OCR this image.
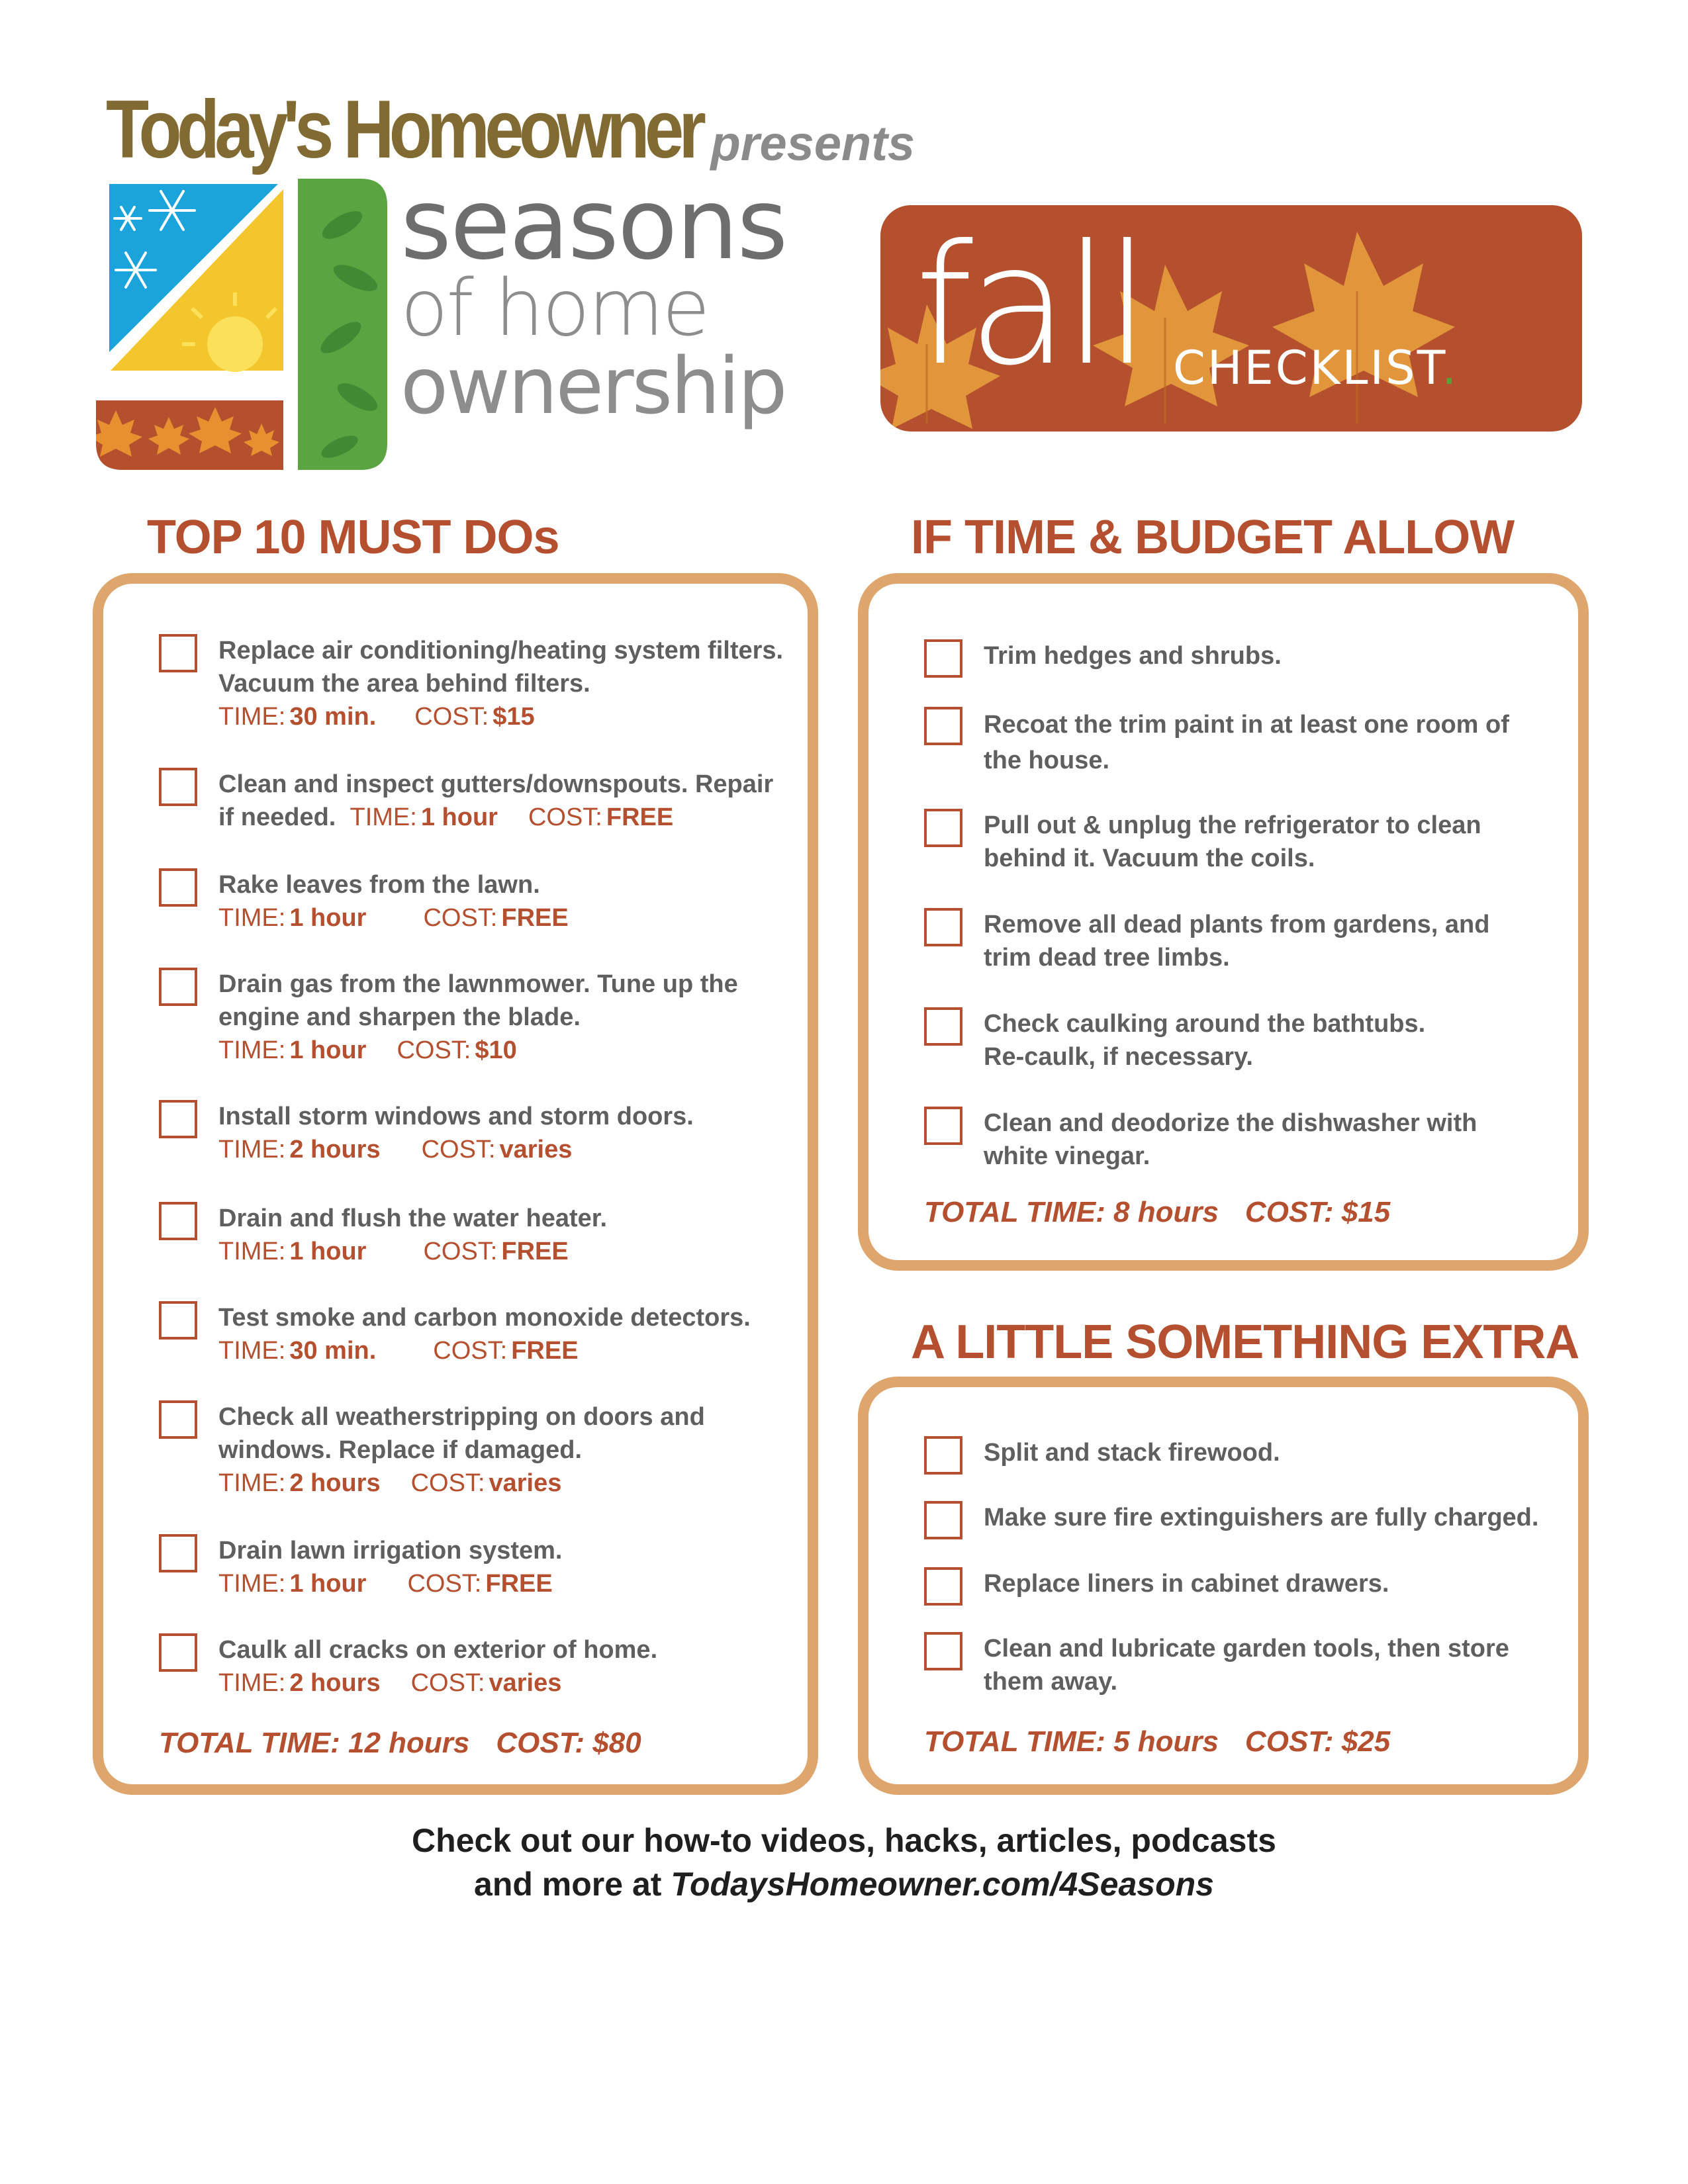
Today's Homeowner presents
seasons
of home
ownership fall CHECKLIST.
TOP 10 MUST DOs	IF TIME & BUDGET ALLOW
A LITTLE SOMETHING EXTRA
Replace air conditioning/heating system filters.
Vacuum the area behind filters.
TIME: 30 min. COST: $15
Clean and inspect gutters/downspouts. Repair
if needed. TIME: 1 hour COST: FREE
Rake leaves from the lawn.
TIME: 1 hour COST: FREE
Drain gas from the lawnmower. Tune up the
engine and sharpen the blade.
TIME: 1 hour COST: $10
Install storm windows and storm doors.
TIME: 2 hours COST: varies
Drain and flush the water heater.
TIME: 1 hour COST: FREE
Test smoke and carbon monoxide detectors.
TIME: 30 min. COST: FREE
Check all weatherstripping on doors and
windows. Replace if damaged.
TIME: 2 hours COST: varies
Drain lawn irrigation system.
TIME: 1 hour COST: FREE
Caulk all cracks on exterior of home.
TIME: 2 hours COST: varies
TOTAL TIME: 12 hours COST: $80
Trim hedges and shrubs.
Recoat the trim paint in at least one room of
the house.
Pull out & unplug the refrigerator to clean
behind it. Vacuum the coils.
Remove all dead plants from gardens, and
trim dead tree limbs.
Check caulking around the bathtubs.
Re-caulk, if necessary.
Clean and deodorize the dishwasher with
white vinegar.
TOTAL TIME: 8 hours COST: $15
Split and stack firewood.
Make sure fire extinguishers are fully charged.
Replace liners in cabinet drawers.
Clean and lubricate garden tools, then store
them away.
TOTAL TIME: 5 hours COST: $25
Check out our how-to videos, hacks, articles, podcasts
and more at TodaysHomeowner.com/4Seasons
